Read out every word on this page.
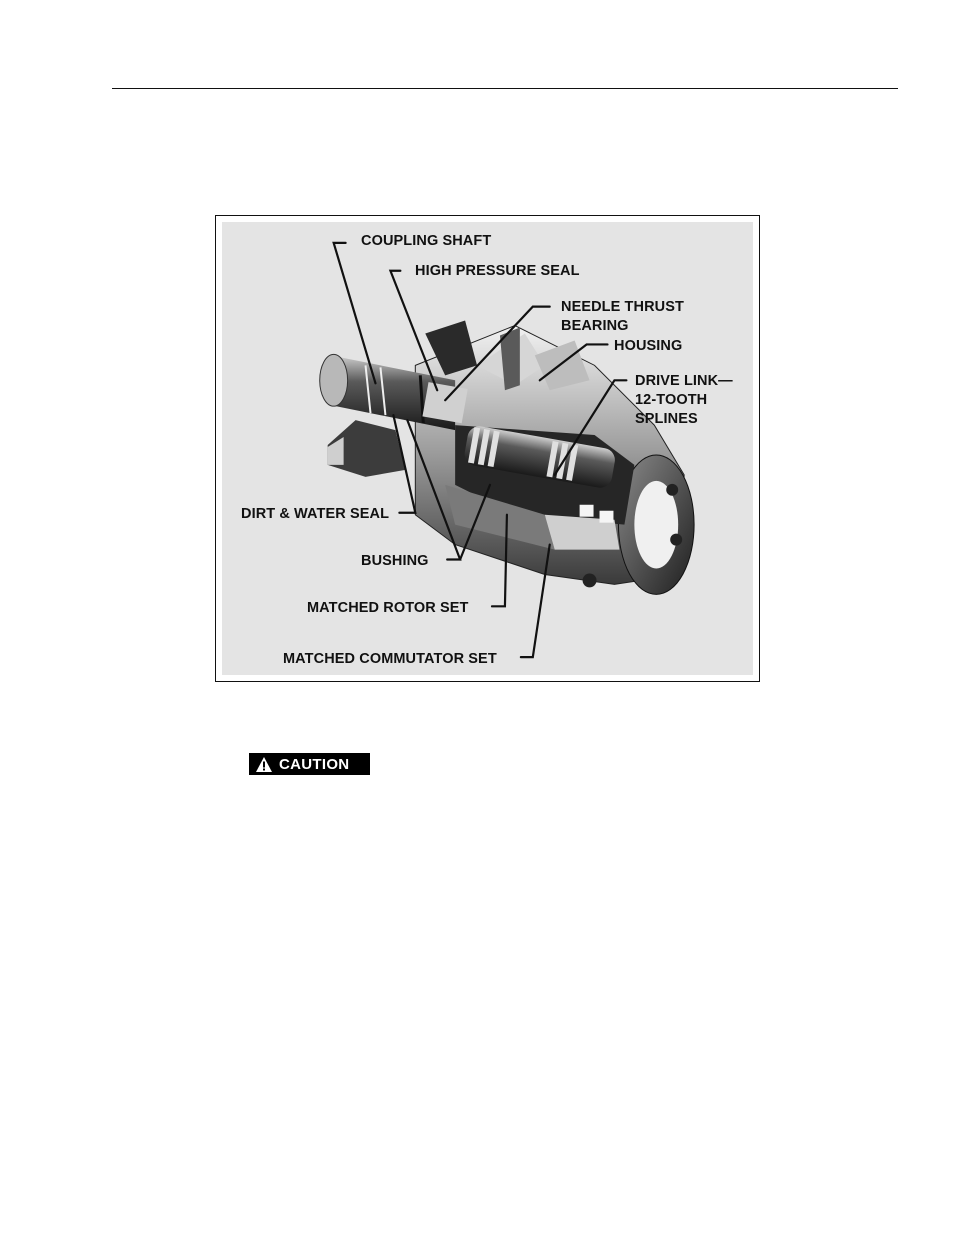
COUPLING SHAFT
HIGH PRESSURE SEAL
NEEDLE THRUST
BEARING
HOUSING
DRIVE LINK—
12-TOOTH
SPLINES
DIRT & WATER SEAL
BUSHING
MATCHED ROTOR SET
MATCHED COMMUTATOR SET
CAUTION
